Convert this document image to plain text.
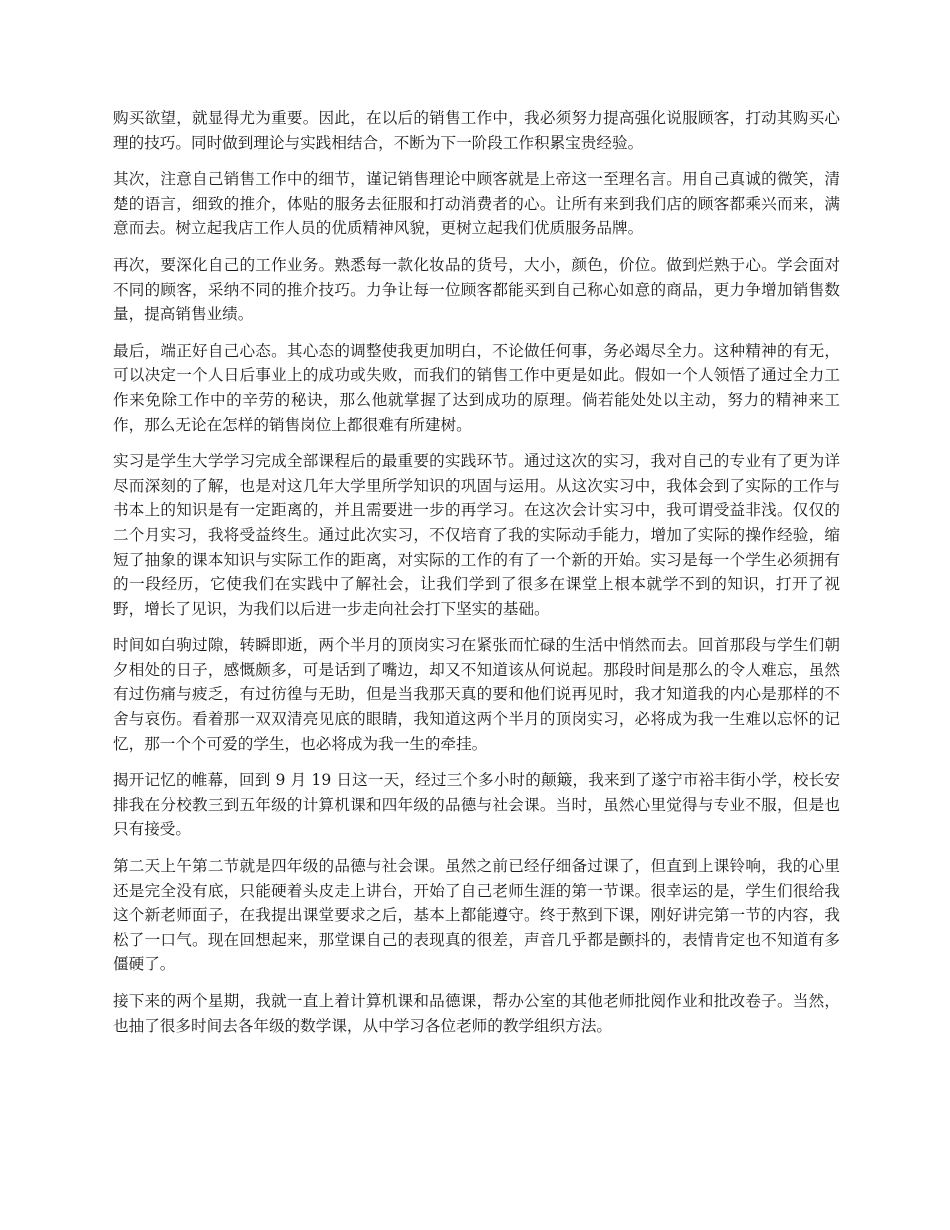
购买欲望，就显得尤为重要。因此，在以后的销售工作中，我必须努力提高强化说服顾客，打动其购买心理的技巧。同时做到理论与实践相结合，不断为下一阶段工作积累宝贵经验。

其次，注意自己销售工作中的细节，谨记销售理论中顾客就是上帝这一至理名言。用自己真诚的微笑，清楚的语言，细致的推介，体贴的服务去征服和打动消费者的心。让所有来到我们店的顾客都乘兴而来，满意而去。树立起我店工作人员的优质精神风貌，更树立起我们优质服务品牌。

再次，要深化自己的工作业务。熟悉每一款化妆品的货号，大小，颜色，价位。做到烂熟于心。学会面对不同的顾客，采纳不同的推介技巧。力争让每一位顾客都能买到自己称心如意的商品，更力争增加销售数量，提高销售业绩。

最后，端正好自己心态。其心态的调整使我更加明白，不论做任何事，务必竭尽全力。这种精神的有无，可以决定一个人日后事业上的成功或失败，而我们的销售工作中更是如此。假如一个人领悟了通过全力工作来免除工作中的辛劳的秘诀，那么他就掌握了达到成功的原理。倘若能处处以主动，努力的精神来工作，那么无论在怎样的销售岗位上都很难有所建树。

实习是学生大学学习完成全部课程后的最重要的实践环节。通过这次的实习，我对自己的专业有了更为详尽而深刻的了解，也是对这几年大学里所学知识的巩固与运用。从这次实习中，我体会到了实际的工作与书本上的知识是有一定距离的，并且需要进一步的再学习。在这次会计实习中，我可谓受益非浅。仅仅的二个月实习，我将受益终生。通过此次实习，不仅培育了我的实际动手能力，增加了实际的操作经验，缩短了抽象的课本知识与实际工作的距离，对实际的工作的有了一个新的开始。实习是每一个学生必须拥有的一段经历，它使我们在实践中了解社会，让我们学到了很多在课堂上根本就学不到的知识，打开了视野，增长了见识，为我们以后进一步走向社会打下坚实的基础。

时间如白驹过隙，转瞬即逝，两个半月的顶岗实习在紧张而忙碌的生活中悄然而去。回首那段与学生们朝夕相处的日子，感慨颇多，可是话到了嘴边，却又不知道该从何说起。那段时间是那么的令人难忘，虽然有过伤痛与疲乏，有过彷徨与无助，但是当我那天真的要和他们说再见时，我才知道我的内心是那样的不舍与哀伤。看着那一双双清亮见底的眼睛，我知道这两个半月的顶岗实习，必将成为我一生难以忘怀的记忆，那一个个可爱的学生，也必将成为我一生的牵挂。

揭开记忆的帷幕，回到 9 月 19 日这一天，经过三个多小时的颠簸，我来到了遂宁市裕丰街小学，校长安排我在分校教三到五年级的计算机课和四年级的品德与社会课。当时，虽然心里觉得与专业不服，但是也只有接受。

第二天上午第二节就是四年级的品德与社会课。虽然之前已经仔细备过课了，但直到上课铃响，我的心里还是完全没有底，只能硬着头皮走上讲台，开始了自己老师生涯的第一节课。很幸运的是，学生们很给我这个新老师面子，在我提出课堂要求之后，基本上都能遵守。终于熬到下课，刚好讲完第一节的内容，我松了一口气。现在回想起来，那堂课自己的表现真的很差，声音几乎都是颤抖的，表情肯定也不知道有多僵硬了。

接下来的两个星期，我就一直上着计算机课和品德课，帮办公室的其他老师批阅作业和批改卷子。当然，也抽了很多时间去各年级的数学课，从中学习各位老师的教学组织方法。
